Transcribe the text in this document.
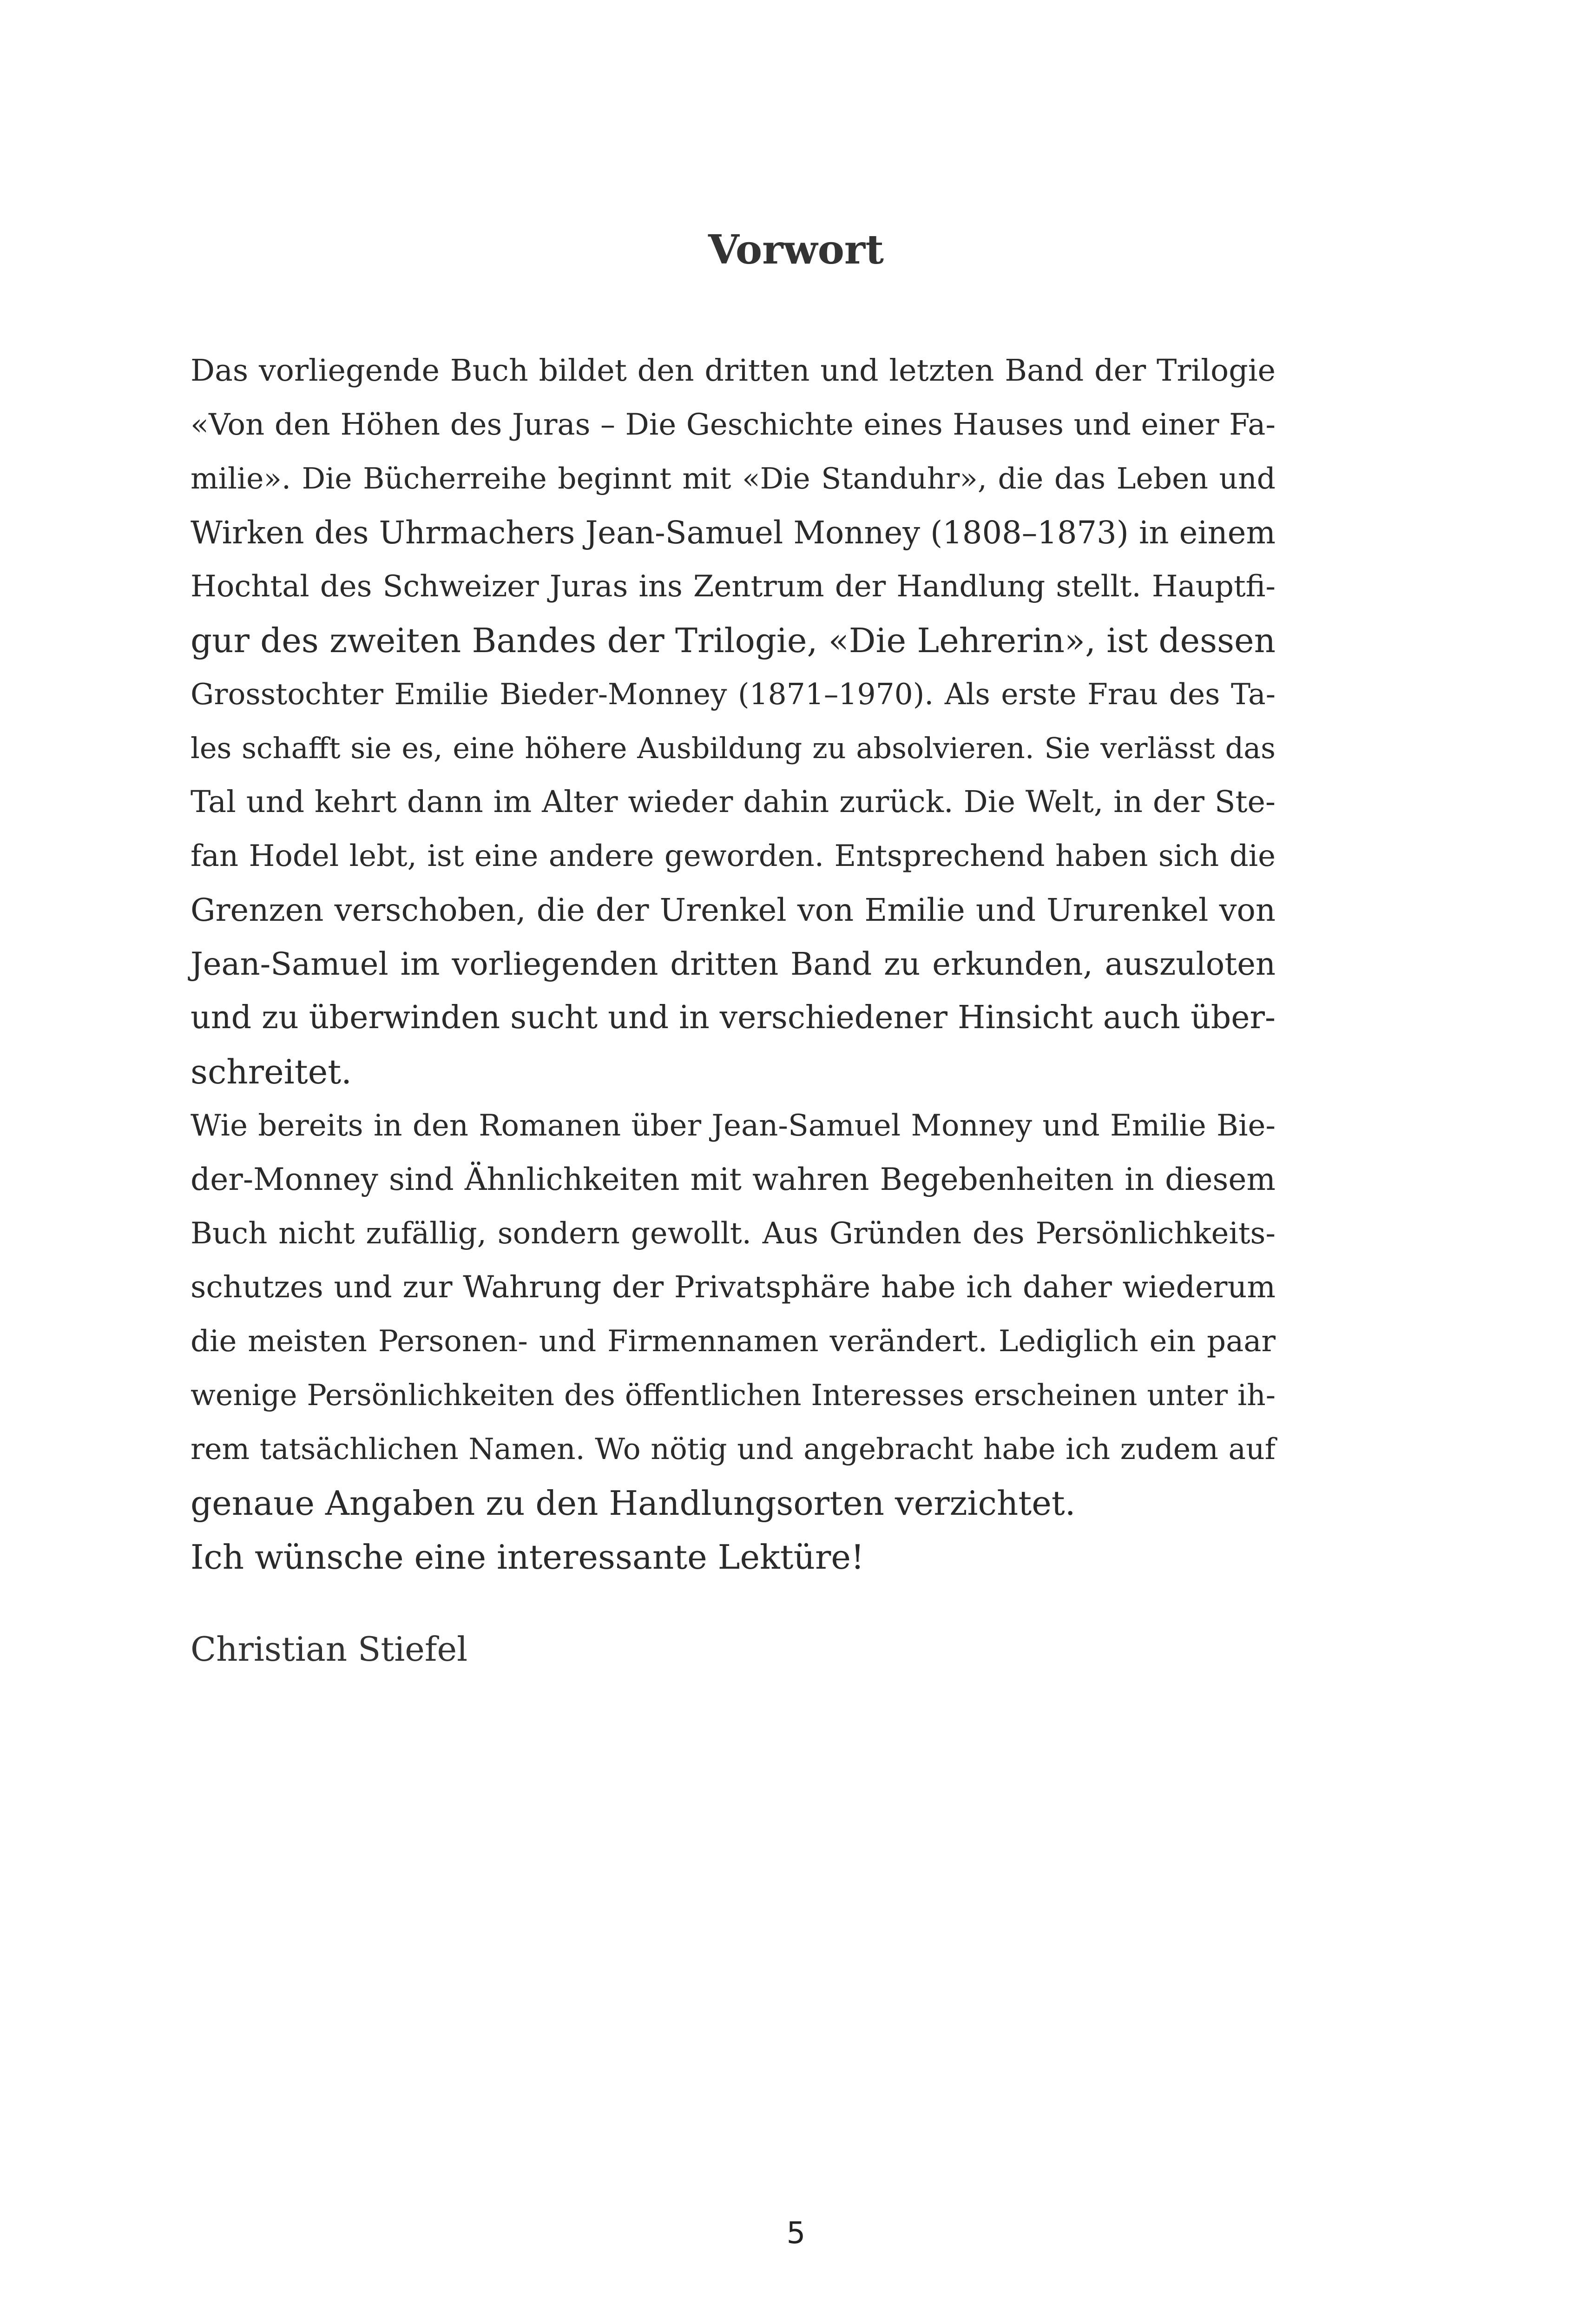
Vorwort
Das vorliegende Buch bildet den dritten und letzten Band der Trilogie
«Von den Höhen des Juras – Die Geschichte eines Hauses und einer Fa-
milie». Die Bücherreihe beginnt mit «Die Standuhr», die das Leben und
Wirken des Uhrmachers Jean-Samuel Monney (1808–1873) in einem
Hochtal des Schweizer Juras ins Zentrum der Handlung stellt. Hauptfi-
gur des zweiten Bandes der Trilogie, «Die Lehrerin», ist dessen
Grosstochter Emilie Bieder-Monney (1871–1970). Als erste Frau des Ta-
les schafft sie es, eine höhere Ausbildung zu absolvieren. Sie verlässt das
Tal und kehrt dann im Alter wieder dahin zurück. Die Welt, in der Ste-
fan Hodel lebt, ist eine andere geworden. Entsprechend haben sich die
Grenzen verschoben, die der Urenkel von Emilie und Ururenkel von
Jean-Samuel im vorliegenden dritten Band zu erkunden, auszuloten
und zu überwinden sucht und in verschiedener Hinsicht auch über-
schreitet.
Wie bereits in den Romanen über Jean-Samuel Monney und Emilie Bie-
der-Monney sind Ähnlichkeiten mit wahren Begebenheiten in diesem
Buch nicht zufällig, sondern gewollt. Aus Gründen des Persönlichkeits-
schutzes und zur Wahrung der Privatsphäre habe ich daher wiederum
die meisten Personen- und Firmennamen verändert. Lediglich ein paar
wenige Persönlichkeiten des öffentlichen Interesses erscheinen unter ih-
rem tatsächlichen Namen. Wo nötig und angebracht habe ich zudem auf
genaue Angaben zu den Handlungsorten verzichtet.
Ich wünsche eine interessante Lektüre!
Christian Stiefel
5
